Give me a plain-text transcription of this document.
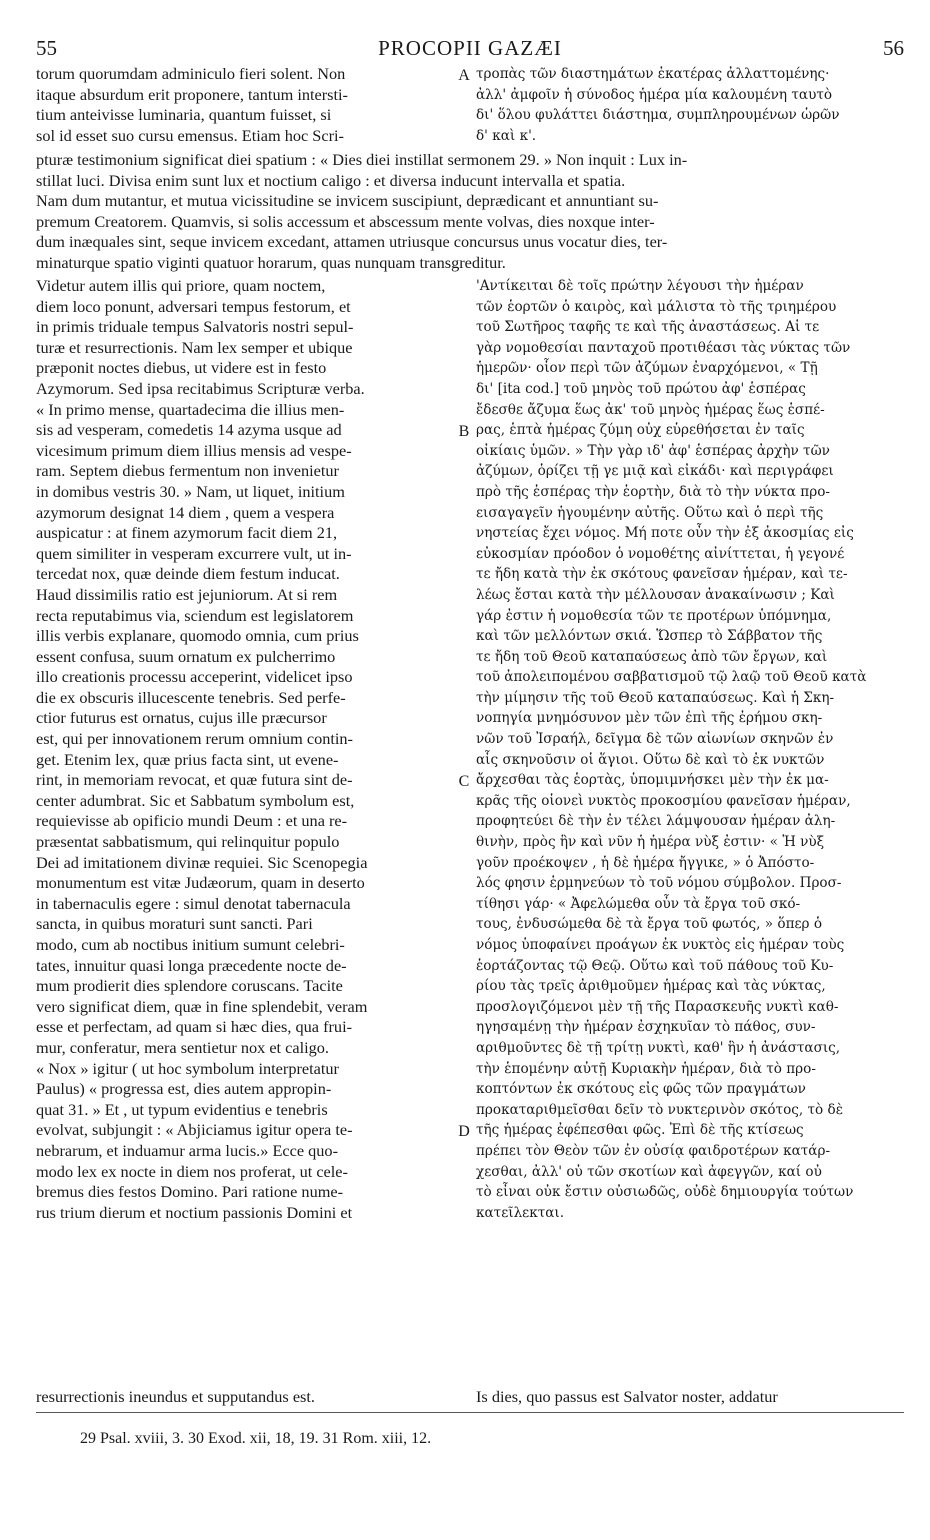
55	PROCOPII GAZÆI	56
torum quorumdam adminiculo fieri solent. Non
itaque absurdum erit proponere, tantum intersti-
tium anteivisse luminaria, quantum fuisset, si
sol id esset suo cursu emensus. Etiam hoc Scri-
A τροπὰς τῶν διαστημάτων ἑκατέρας ἀλλαττομένης·
ἀλλ' ἀμφοῖν ἡ σύνοδος ἡμέρα μία καλουμένη ταυτὸ
δι' ὅλου φυλάττει διάστημα, συμπληρουμένων ὡρῶν
δ' καὶ κ'.
pturæ testimonium significat diei spatium : « Dies diei instillat sermonem 29. » Non inquit : Lux in-
stillat luci. Divisa enim sunt lux et noctium caligo : et diversa inducunt intervalla et spatia.
Nam dum mutantur, et mutua vicissitudine se invicem suscipiunt, deprædicant et annuntiant su-
premum Creatorem. Quamvis, si solis accessum et abscessum mente volvas, dies noxque inter-
dum inæquales sint, seque invicem excedant, attamen utriusque concursus unus vocatur dies, ter-
minaturque spatio viginti quatuor horarum, quas nunquam transgreditur.
Videtur autem illis qui priore, quam noctem,
diem loco ponunt, adversari tempus festorum, et
in primis triduale tempus Salvatoris nostri sepul-
turæ et resurrectionis. Nam lex semper et ubique
præponit noctes diebus, ut videre est in festo
Azymorum. Sed ipsa recitabimus Scripturæ verba.
« In primo mense, quartadecima die illius men-
sis ad vesperam, comedetis 14 azyma usque ad
vicesimum primum diem illius mensis ad vespe-
ram. Septem diebus fermentum non invenietur
in domibus vestris 30. » Nam, ut liquet, initium
azymorum designat 14 diem , quem a vespera
auspicatur : at finem azymorum facit diem 21,
quem similiter in vesperam excurrere vult, ut in-
tercedat nox, quæ deinde diem festum inducat.
Haud dissimilis ratio est jejuniorum. At si rem
recta reputabimus via, sciendum est legislatorem
illis verbis explanare, quomodo omnia, cum prius
essent confusa, suum ornatum ex pulcherrimo
illo creationis processu acceperint, videlicet ipso
die ex obscuris illucescente tenebris. Sed perfe-
ctior futurus est ornatus, cujus ille præcursor
est, qui per innovationem rerum omnium contin-
get. Etenim lex, quæ prius facta sint, ut evene-
rint, in memoriam revocat, et quæ futura sint de-
center adumbrat. Sic et Sabbatum symbolum est,
requievisse ab opificio mundi Deum : et una re-
præsentat sabbatismum, qui relinquitur populo
Dei ad imitationem divinæ requiei. Sic Scenopegia
monumentum est vitæ Judæorum, quam in deserto
in tabernaculis egere : simul denotat tabernacula
sancta, in quibus moraturi sunt sancti. Pari
modo, cum ab noctibus initium sumunt celebri-
tates, innuitur quasi longa præcedente nocte de-
mum prodierit dies splendore coruscans. Tacite
vero significat diem, quæ in fine splendebit, veram
esse et perfectam, ad quam si hæc dies, qua frui-
mur, conferatur, mera sentietur nox et caligo.
« Nox » igitur ( ut hoc symbolum interpretatur
Paulus) « progressa est, dies autem appropin-
quat 31. » Et , ut typum evidentius e tenebris
evolvat, subjungit : « Abjiciamus igitur opera te-
nebrarum, et induamur arma lucis.» Ecce quo-
modo lex ex nocte in diem nos proferat, ut cele-
bremus dies festos Domino. Pari ratione nume-
rus trium dierum et noctium passionis Domini et
B
C
D
'Αντίκειται δὲ τοῖς πρώτην λέγουσι τὴν ἡμέραν
τῶν ἑορτῶν ὁ καιρὸς, καὶ μάλιστα τὸ τῆς τριημέρου
τοῦ Σωτῆρος ταφῆς τε καὶ τῆς ἀναστάσεως. Αἱ τε
γὰρ νομοθεσίαι πανταχοῦ προτιθέασι τὰς νύκτας τῶν
ἡμερῶν· οἷον περὶ τῶν ἀζύμων ἐναρχόμενοι, « Τῇ
δι' [ita cod.] τοῦ μηνὸς τοῦ πρώτου ἀφ' ἑσπέρας
ἔδεσθε ἄζυμα ἕως ἀκ' τοῦ μηνὸς ἡμέρας ἕως ἑσπέ-
ρας, ἑπτὰ ἡμέρας ζύμη οὐχ εὑρεθήσεται ἐν ταῖς
οἰκίαις ὑμῶν. » Τὴν γὰρ ιδ' ἀφ' ἑσπέρας ἀρχὴν τῶν
ἀζύμων, ὁρίζει τῇ γε μιᾷ καὶ εἰκάδι· καὶ περιγράφει
πρὸ τῆς ἑσπέρας τὴν ἑορτὴν, διὰ τὸ τὴν νύκτα προ-
εισαγαγεῖν ἡγουμένην αὐτῆς. Οὕτω καὶ ὁ περὶ τῆς
νηστείας ἔχει νόμος. Μή ποτε οὖν τὴν ἐξ ἀκοσμίας εἰς
εὐκοσμίαν πρόοδον ὁ νομοθέτης αἰνίττεται, ἡ γεγονέ
τε ἤδη κατὰ τὴν ἐκ σκότους φανεῖσαν ἡμέραν, καὶ τε-
λέως ἔσται κατὰ τὴν μέλλουσαν ἀνακαίνωσιν ; Καὶ
γάρ ἐστιν ἡ νομοθεσία τῶν τε προτέρων ὑπόμνημα,
καὶ τῶν μελλόντων σκιά. Ὥσπερ τὸ Σάββατον τῆς
τε ἤδη τοῦ Θεοῦ καταπαύσεως ἀπὸ τῶν ἔργων, καὶ
τοῦ ἀπολειπομένου σαββατισμοῦ τῷ λαῷ τοῦ Θεοῦ κατὰ
τὴν μίμησιν τῆς τοῦ Θεοῦ καταπαύσεως. Καὶ ἡ Σκη-
νοπηγία μνημόσυνον μὲν τῶν ἐπὶ τῆς ἐρήμου σκη-
νῶν τοῦ Ἰσραήλ, δεῖγμα δὲ τῶν αἰωνίων σκηνῶν ἐν
αἷς σκηνοῦσιν οἱ ἅγιοι. Οὕτω δὲ καὶ τὸ ἐκ νυκτῶν
ἄρχεσθαι τὰς ἑορτὰς, ὑπομιμνήσκει μὲν τὴν ἐκ μα-
κρᾶς τῆς οἱονεὶ νυκτὸς προκοσμίου φανεῖσαν ἡμέραν,
προφητεύει δὲ τὴν ἐν τέλει λάμψουσαν ἡμέραν ἀλη-
θινὴν, πρὸς ἣν καὶ νῦν ἡ ἡμέρα νὺξ ἐστιν· « Ἡ νὺξ
γοῦν προέκοψεν , ἡ δὲ ἡμέρα ἤγγικε, » ὁ Ἀπόστο-
λός φησιν ἑρμηνεύων τὸ τοῦ νόμου σύμβολον. Προσ-
τίθησι γάρ· « Ἀφελώμεθα οὖν τὰ ἔργα τοῦ σκό-
τους, ἐνδυσώμεθα δὲ τὰ ἔργα τοῦ φωτός, » ὅπερ ὁ
νόμος ὑποφαίνει προάγων ἐκ νυκτὸς εἰς ἡμέραν τοὺς
ἑορτάζοντας τῷ Θεῷ. Οὕτω καὶ τοῦ πάθους τοῦ Κυ-
ρίου τὰς τρεῖς ἀριθμοῦμεν ἡμέρας καὶ τὰς νύκτας,
προσλογιζόμενοι μὲν τῇ τῆς Παρασκευῆς νυκτὶ καθ-
ηγησαμένῃ τὴν ἡμέραν ἐσχηκυῖαν τὸ πάθος, συν-
αριθμοῦντες δὲ τῇ τρίτῃ νυκτὶ, καθ' ἣν ἡ ἀνάστασις,
τὴν ἑπομένην αὐτῇ Κυριακὴν ἡμέραν, διὰ τὸ προ-
κοπτόντων ἐκ σκότους εἰς φῶς τῶν πραγμάτων
προκαταριθμεῖσθαι δεῖν τὸ νυκτερινὸν σκότος, τὸ δὲ
τῆς ἡμέρας ἐφέπεσθαι φῶς. Ἐπὶ δὲ τῆς κτίσεως
πρέπει τὸν Θεὸν τῶν ἐν οὐσίᾳ φαιδροτέρων κατάρ-
χεσθαι, ἀλλ' οὐ τῶν σκοτίων καὶ ἀφεγγῶν, καί οὐ
τὸ εἶναι οὐκ ἔστιν οὐσιωδῶς, οὐδὲ δημιουργία τούτων
κατεῖλεκται.
resurrectionis ineundus et supputandus est.	Is dies, quo passus est Salvator noster, addatur
29 Psal. xviii, 3. 30 Exod. xii, 18, 19. 31 Rom. xiii, 12.
